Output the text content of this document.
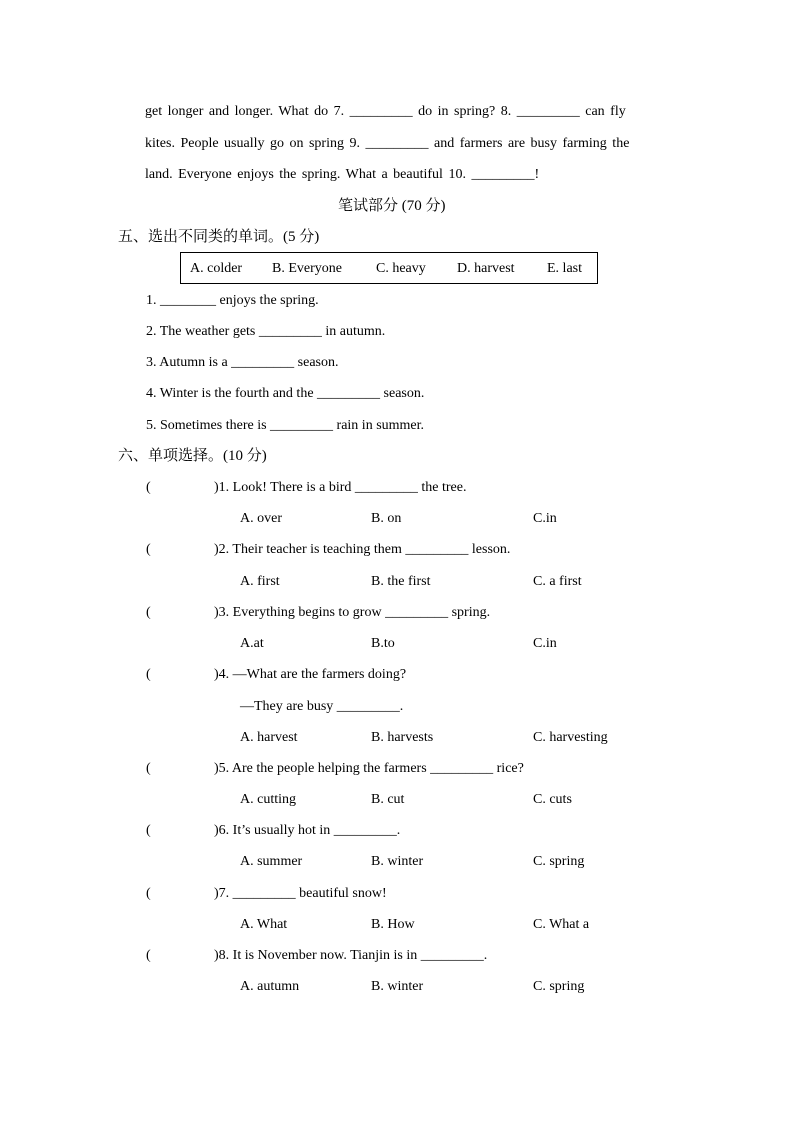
get longer and longer. What do 7. _________ do in spring? 8. _________ can fly
kites. People usually go on spring 9. _________ and farmers are busy farming the
land. Everyone enjoys the spring. What a beautiful 10. _________!
笔试部分 (70 分)
五、选出不同类的单词。(5 分)
A. colder B. Everyone C. heavy D. harvest E. last
1. ________ enjoys the spring.
2. The weather gets _________ in autumn.
3. Autumn is a _________ season.
4. Winter is the fourth and the _________ season.
5. Sometimes there is _________ rain in summer.
六、单项选择。(10 分)
(	)1. Look! There is a bird _________ the tree.
A. over	B. on	C.in
(	)2. Their teacher is teaching them _________ lesson.
A. first	B. the first	C. a first
(	)3. Everything begins to grow _________ spring.
A.at	B.to	C.in
(	)4. —What are the farmers doing?
—They are busy _________.
A. harvest	B. harvests	C. harvesting
(	)5. Are the people helping the farmers _________ rice?
A. cutting	B. cut	C. cuts
(	)6. It’s usually hot in _________.
A. summer	B. winter	C. spring
(	)7. _________ beautiful snow!
A. What	B. How	C. What a
(	)8. It is November now. Tianjin is in _________.
A. autumn	B. winter	C. spring
